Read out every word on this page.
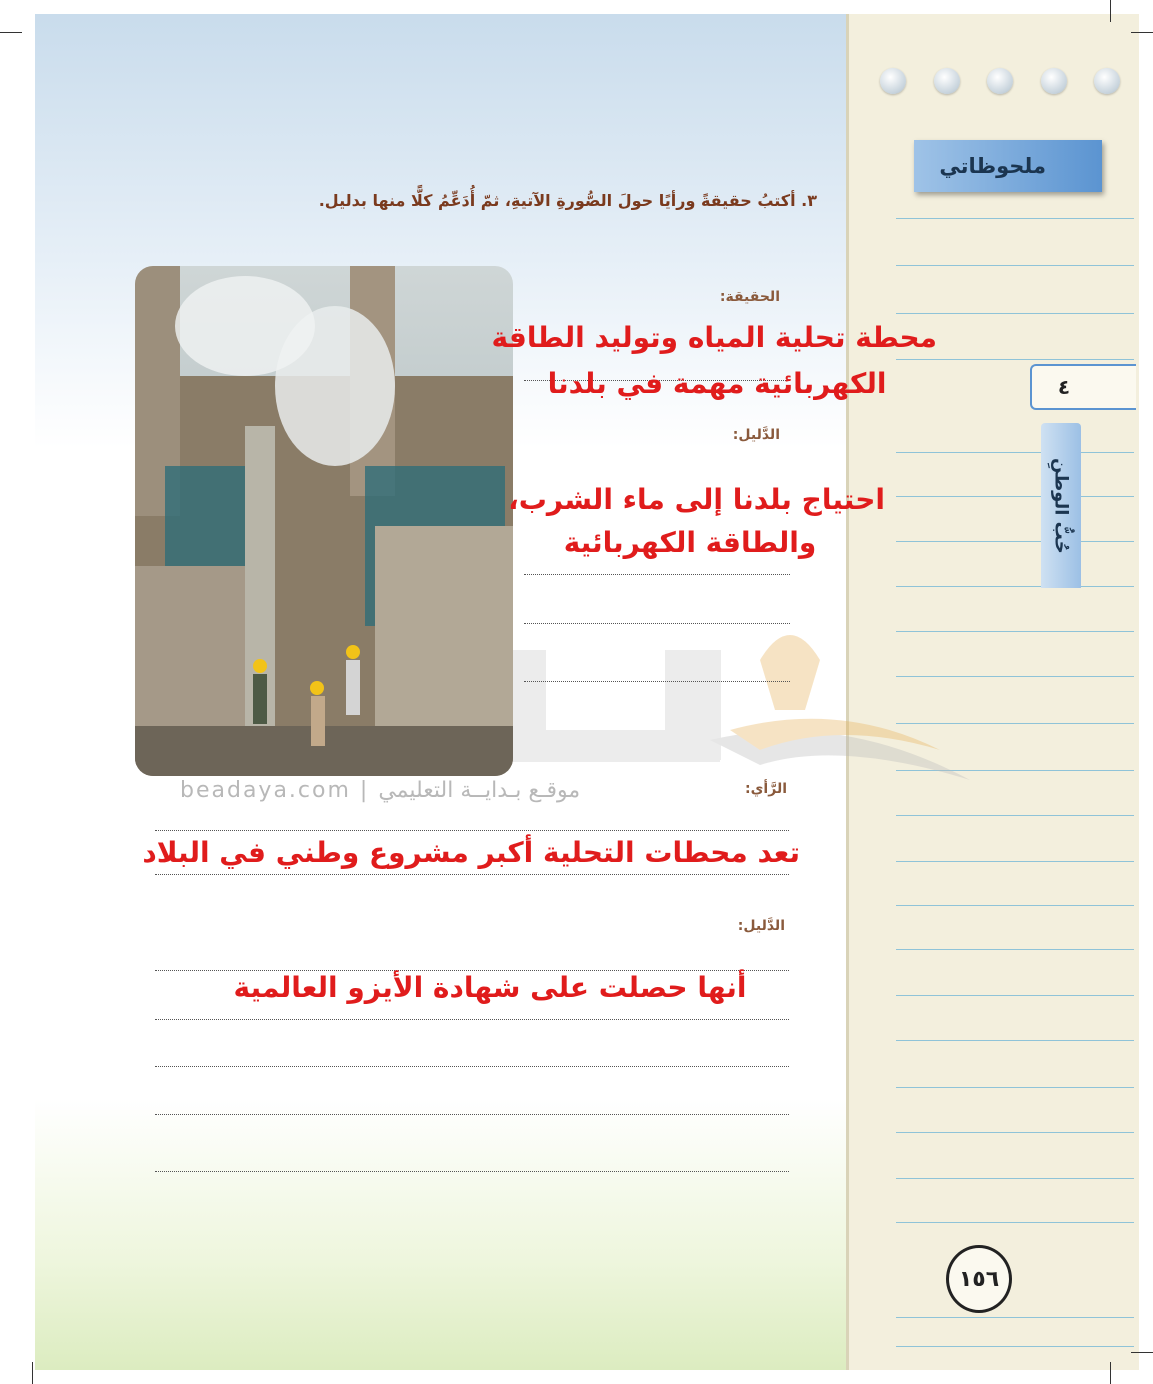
ملحوظاتي
٤
حُبُّ الوطنِ
١٥٦
٣. أكتبُ حقيقةً ورأيًا حولَ الصُّورةِ الآتيةِ، ثمّ أُدَعِّمُ كلًّا منها بدليل.
الحقيقة:
الدَّليل:
الرَّأي:
الدَّليل:
محطة تحلية المياه وتوليد الطاقة
الكهربائية مهمة في بلدنا
احتياج بلدنا إلى ماء الشرب،
والطاقة الكهربائية
تعد محطات التحلية أكبر مشروع وطني في البلاد
أنها حصلت على شهادة الأيزو العالمية
beadaya.com | موقـع بـدايــة التعليمي
